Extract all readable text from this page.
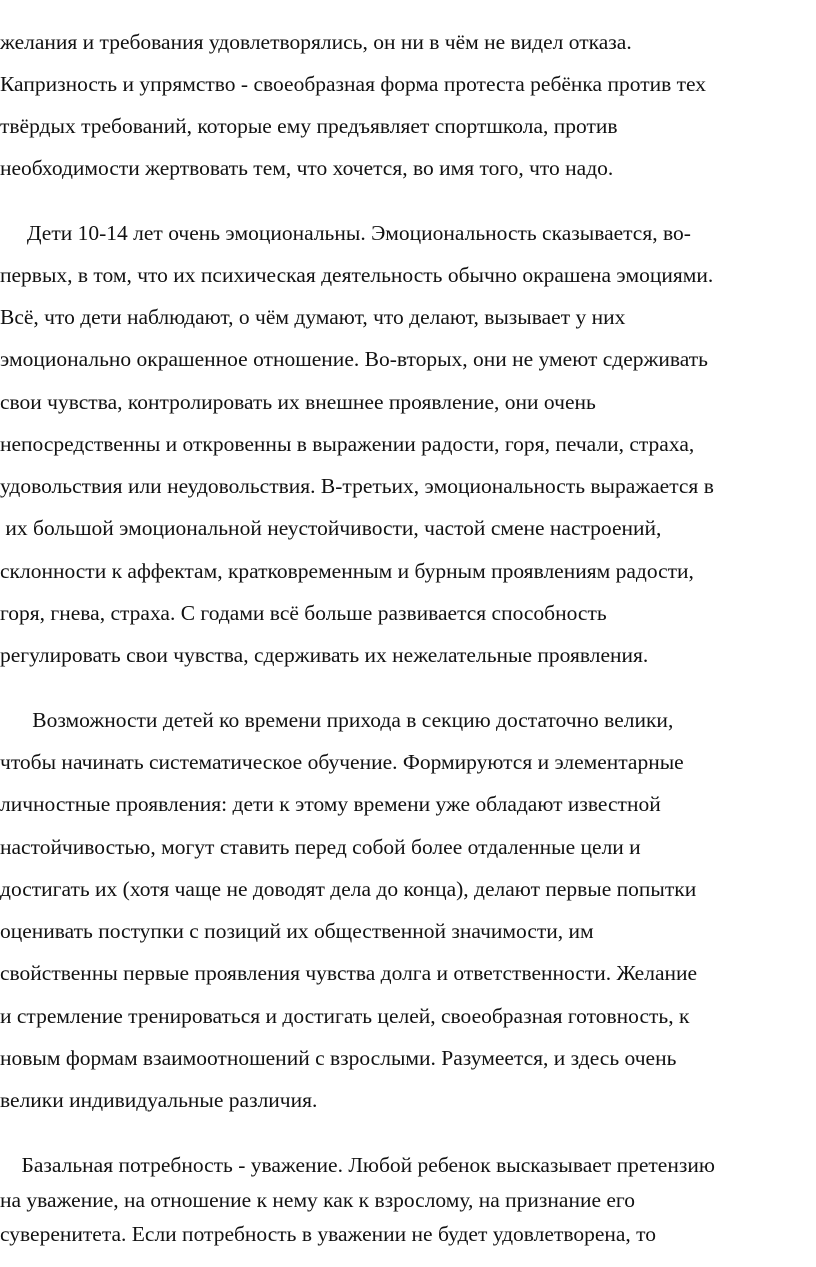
желания и требования удовлетворялись, он ни в чём не видел отказа.
Капризность и упрямство - своеобразная форма протеста ребёнка против тех
твёрдых требований, которые ему предъявляет спортшкола, против
необходимости жертвовать тем, что хочется, во имя того, что надо.
Дети 10-14 лет очень эмоциональны. Эмоциональность сказывается, во-
первых, в том, что их психическая деятельность обычно окрашена эмоциями.
Всё, что дети наблюдают, о чём думают, что делают, вызывает у них
эмоционально окрашенное отношение. Во-вторых, они не умеют сдерживать
свои чувства, контролировать их внешнее проявление, они очень
непосредственны и откровенны в выражении радости, горя, печали, страха,
удовольствия или неудовольствия. В-третьих, эмоциональность выражается в
их большой эмоциональной неустойчивости, частой смене настроений,
склонности к аффектам, кратковременным и бурным проявлениям радости,
горя, гнева, страха. С годами всё больше развивается способность
регулировать свои чувства, сдерживать их нежелательные проявления.
Возможности детей ко времени прихода в секцию достаточно велики,
чтобы начинать систематическое обучение. Формируются и элементарные
личностные проявления: дети к этому времени уже обладают известной
настойчивостью, могут ставить перед собой более отдаленные цели и
достигать их (хотя чаще не доводят дела до конца), делают первые попытки
оценивать поступки с позиций их общественной значимости, им
свойственны первые проявления чувства долга и ответственности. Желание
и стремление тренироваться и достигать целей, своеобразная готовность, к
новым формам взаимоотношений с взрослыми. Разумеется, и здесь очень
велики индивидуальные различия.
Базальная потребность - уважение. Любой ребенок высказывает претензию
на уважение, на отношение к нему как к взрослому, на признание его
суверенитета. Если потребность в уважении не будет удовлетворена, то
